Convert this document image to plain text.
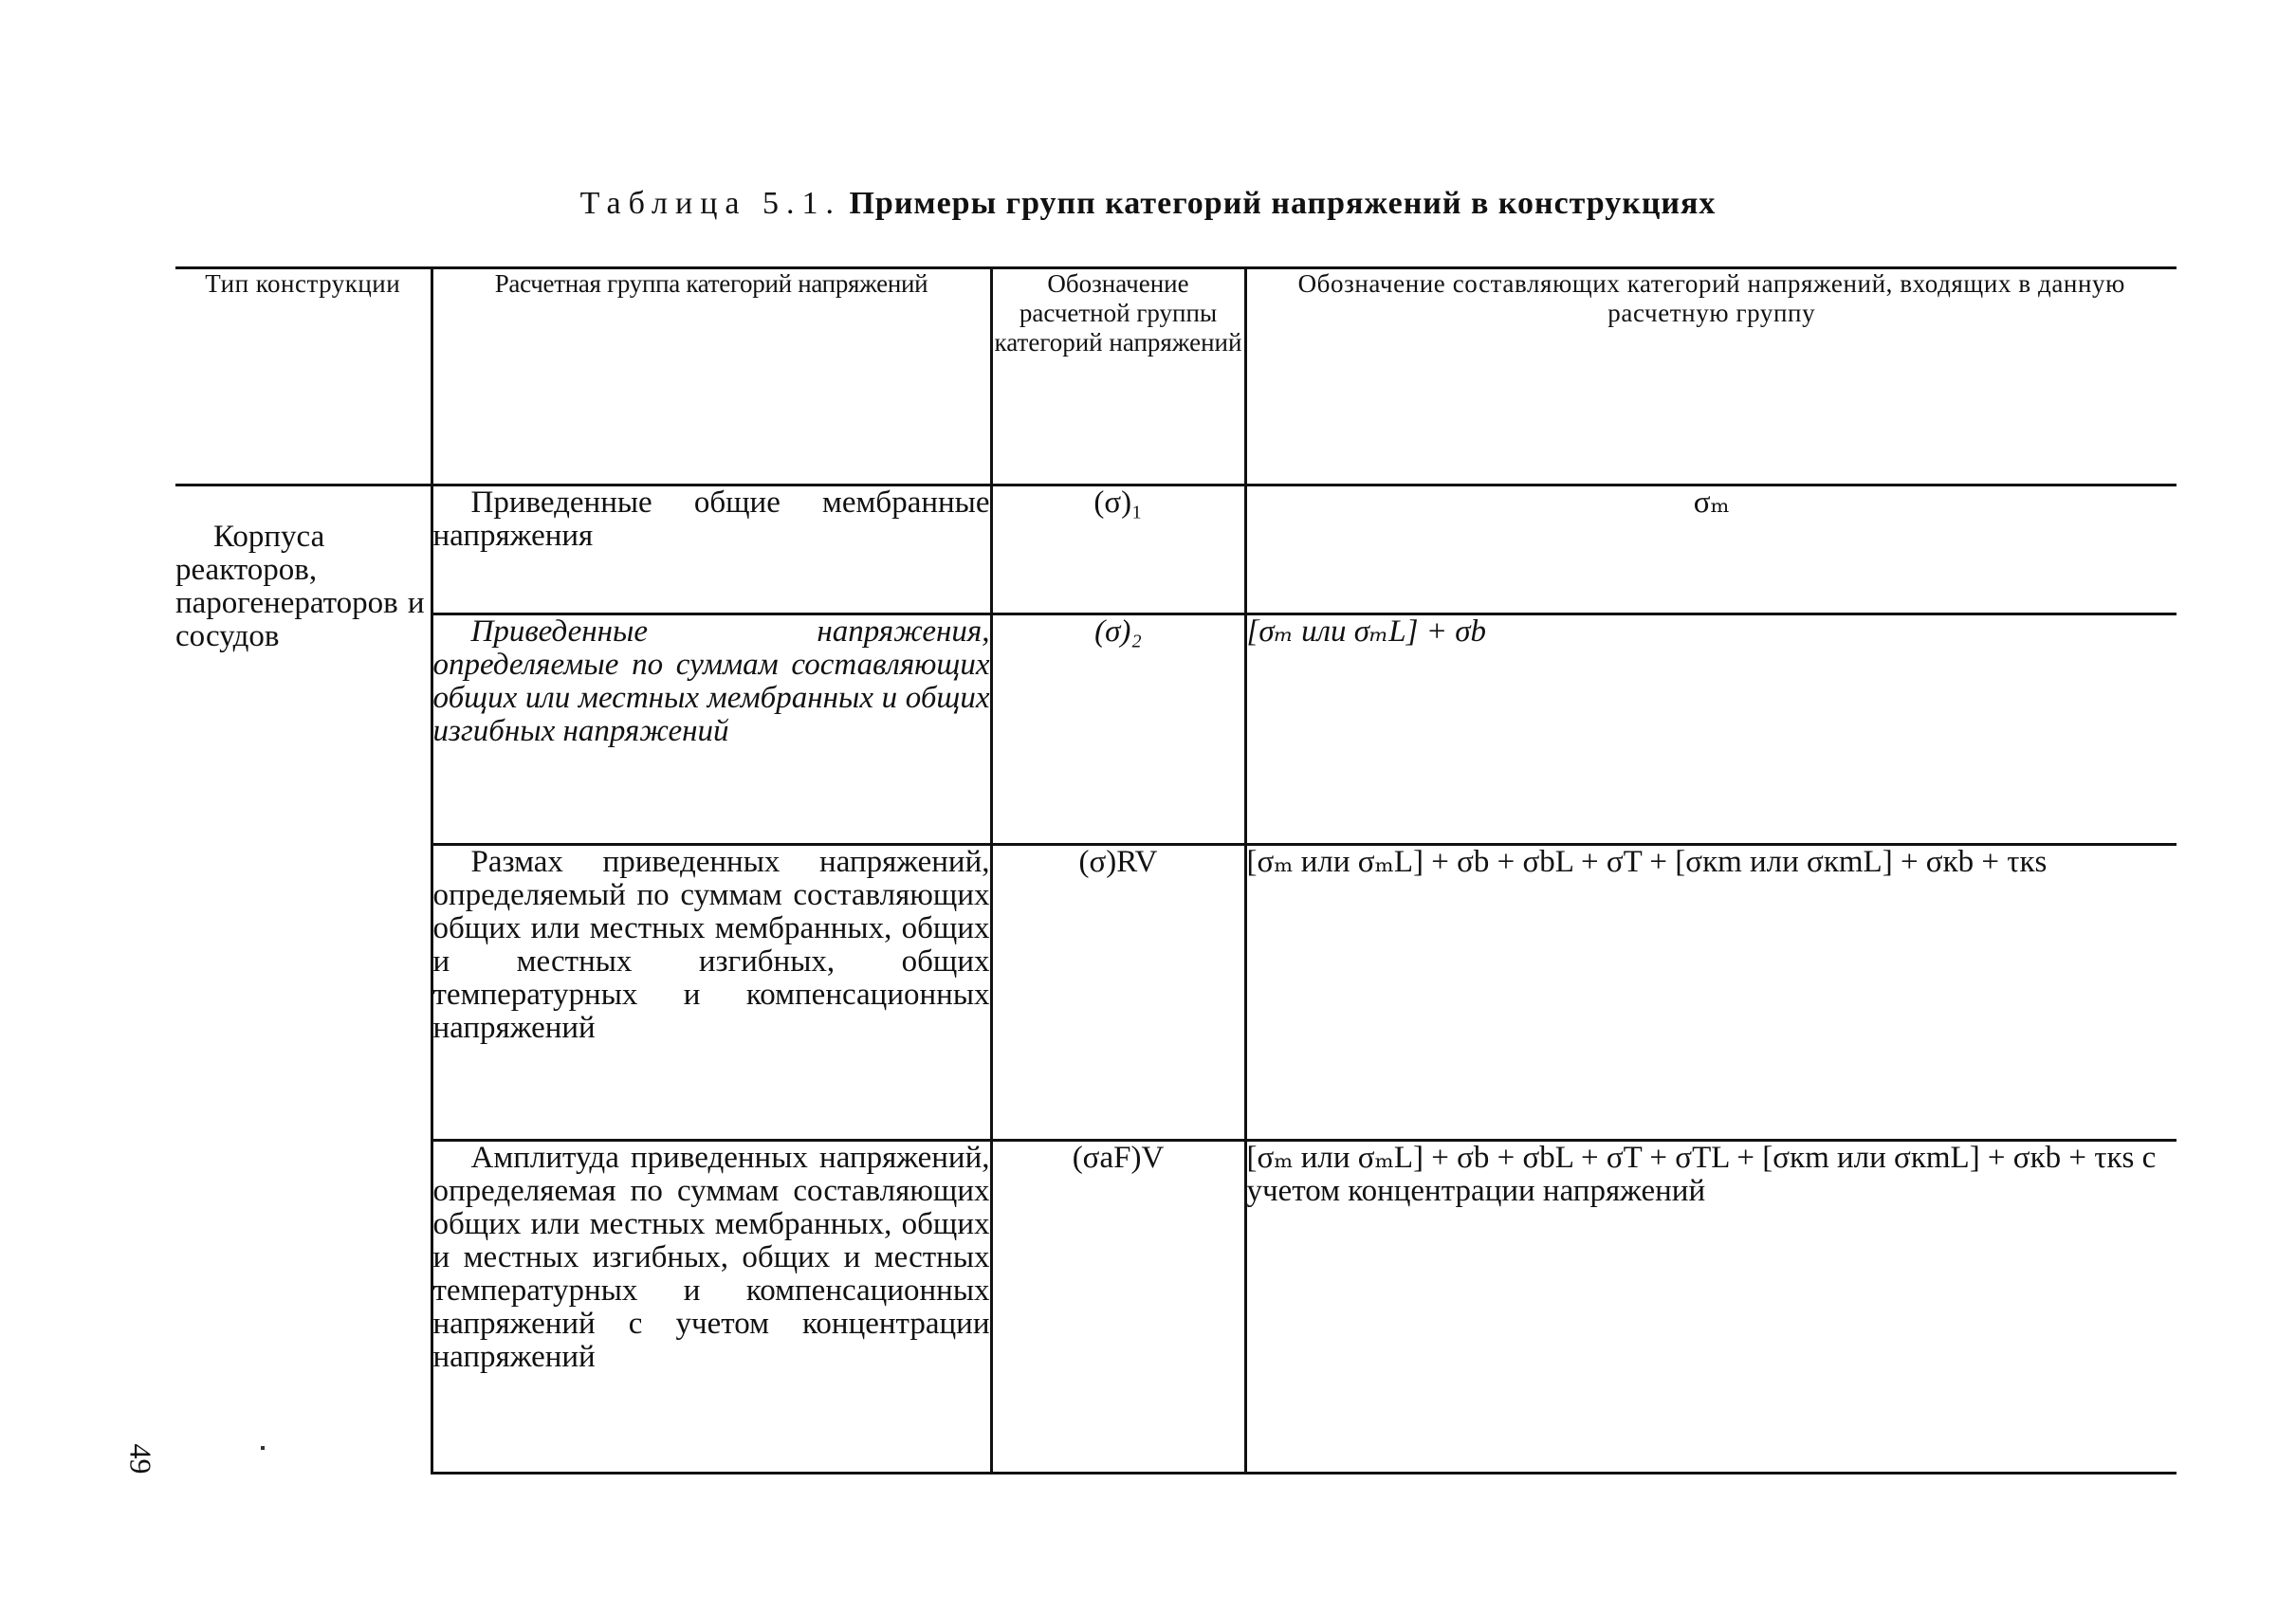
Таблица 5.1. Примеры групп категорий напряжений в конструкциях
Тип конструкции	Расчетная группа категорий напряжений	Обозначение расчетной группы категорий напряжений	Обозначение составляющих категорий напряжений, входящих в данную расчетную группу
Корпуса реакторов, парогенераторов и сосудов	Приведенные общие мембранные напряжения	(σ)₁	σₘ
	Приведенные напряжения, определяемые по суммам составляющих общих или местных мембранных и общих изгибных напряжений	(σ)₂	[σₘ или σₘL] + σb
	Размах приведенных напряжений, определяемый по суммам составляющих общих или местных мембранных, общих и местных изгибных, общих температурных и компенсационных напряжений	(σ)RV	[σₘ или σₘL] + σb + σbL + σT + [σкm или σкmL] + σкb + τкs
	Амплитуда приведенных напряжений, определяемая по суммам составляющих общих или местных мембранных, общих и местных изгибных, общих и местных температурных и компенсационных напряжений с учетом концентрации напряжений	(σaF)V	[σₘ или σₘL] + σb + σbL + σT + σTL + [σкm или σкmL] + σкb + τкs с учетом концентрации напряжений
49
